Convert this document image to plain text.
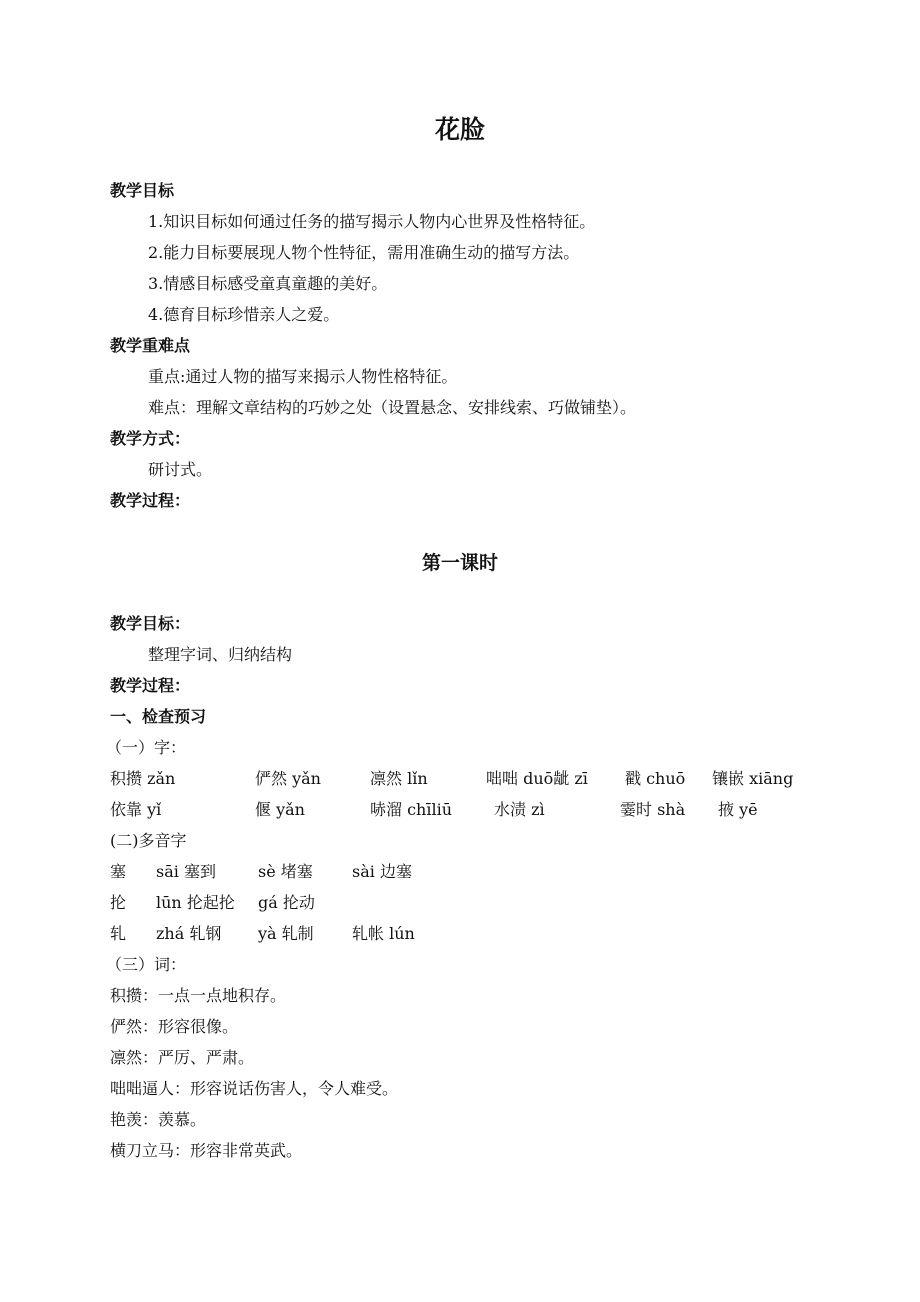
花脸
教学目标
1.知识目标如何通过任务的描写揭示人物内心世界及性格特征。
2.能力目标要展现人物个性特征，需用准确生动的描写方法。
3.情感目标感受童真童趣的美好。
4.德育目标珍惜亲人之爱。
教学重难点
重点:通过人物的描写来揭示人物性格特征。
难点：理解文章结构的巧妙之处（设置悬念、安排线索、巧做铺垫）。
教学方式：
研讨式。
教学过程：
第一课时
教学目标：
整理字词、归纳结构
教学过程：
一、检查预习
（一）字：
积攒 zǎn	俨然 yǎn	凛然 lǐn	咄咄 duō龇 zī 戳 chuō 镶嵌 xiāng
依靠 yǐ	偃 yǎn	哧溜 chīliū	水渍 zì	霎时 shà 掖 yē
(二)多音字
塞 sāi 塞到	sè 堵塞 sài 边塞
抡 lūn 抡起抡 gá 抡动
轧 zhá 轧钢 yà 轧制 轧帐 lún
（三）词：
积攒：一点一点地积存。
俨然：形容很像。
凛然：严厉、严肃。
咄咄逼人：形容说话伤害人，令人难受。
艳羡：羡慕。
横刀立马：形容非常英武。
